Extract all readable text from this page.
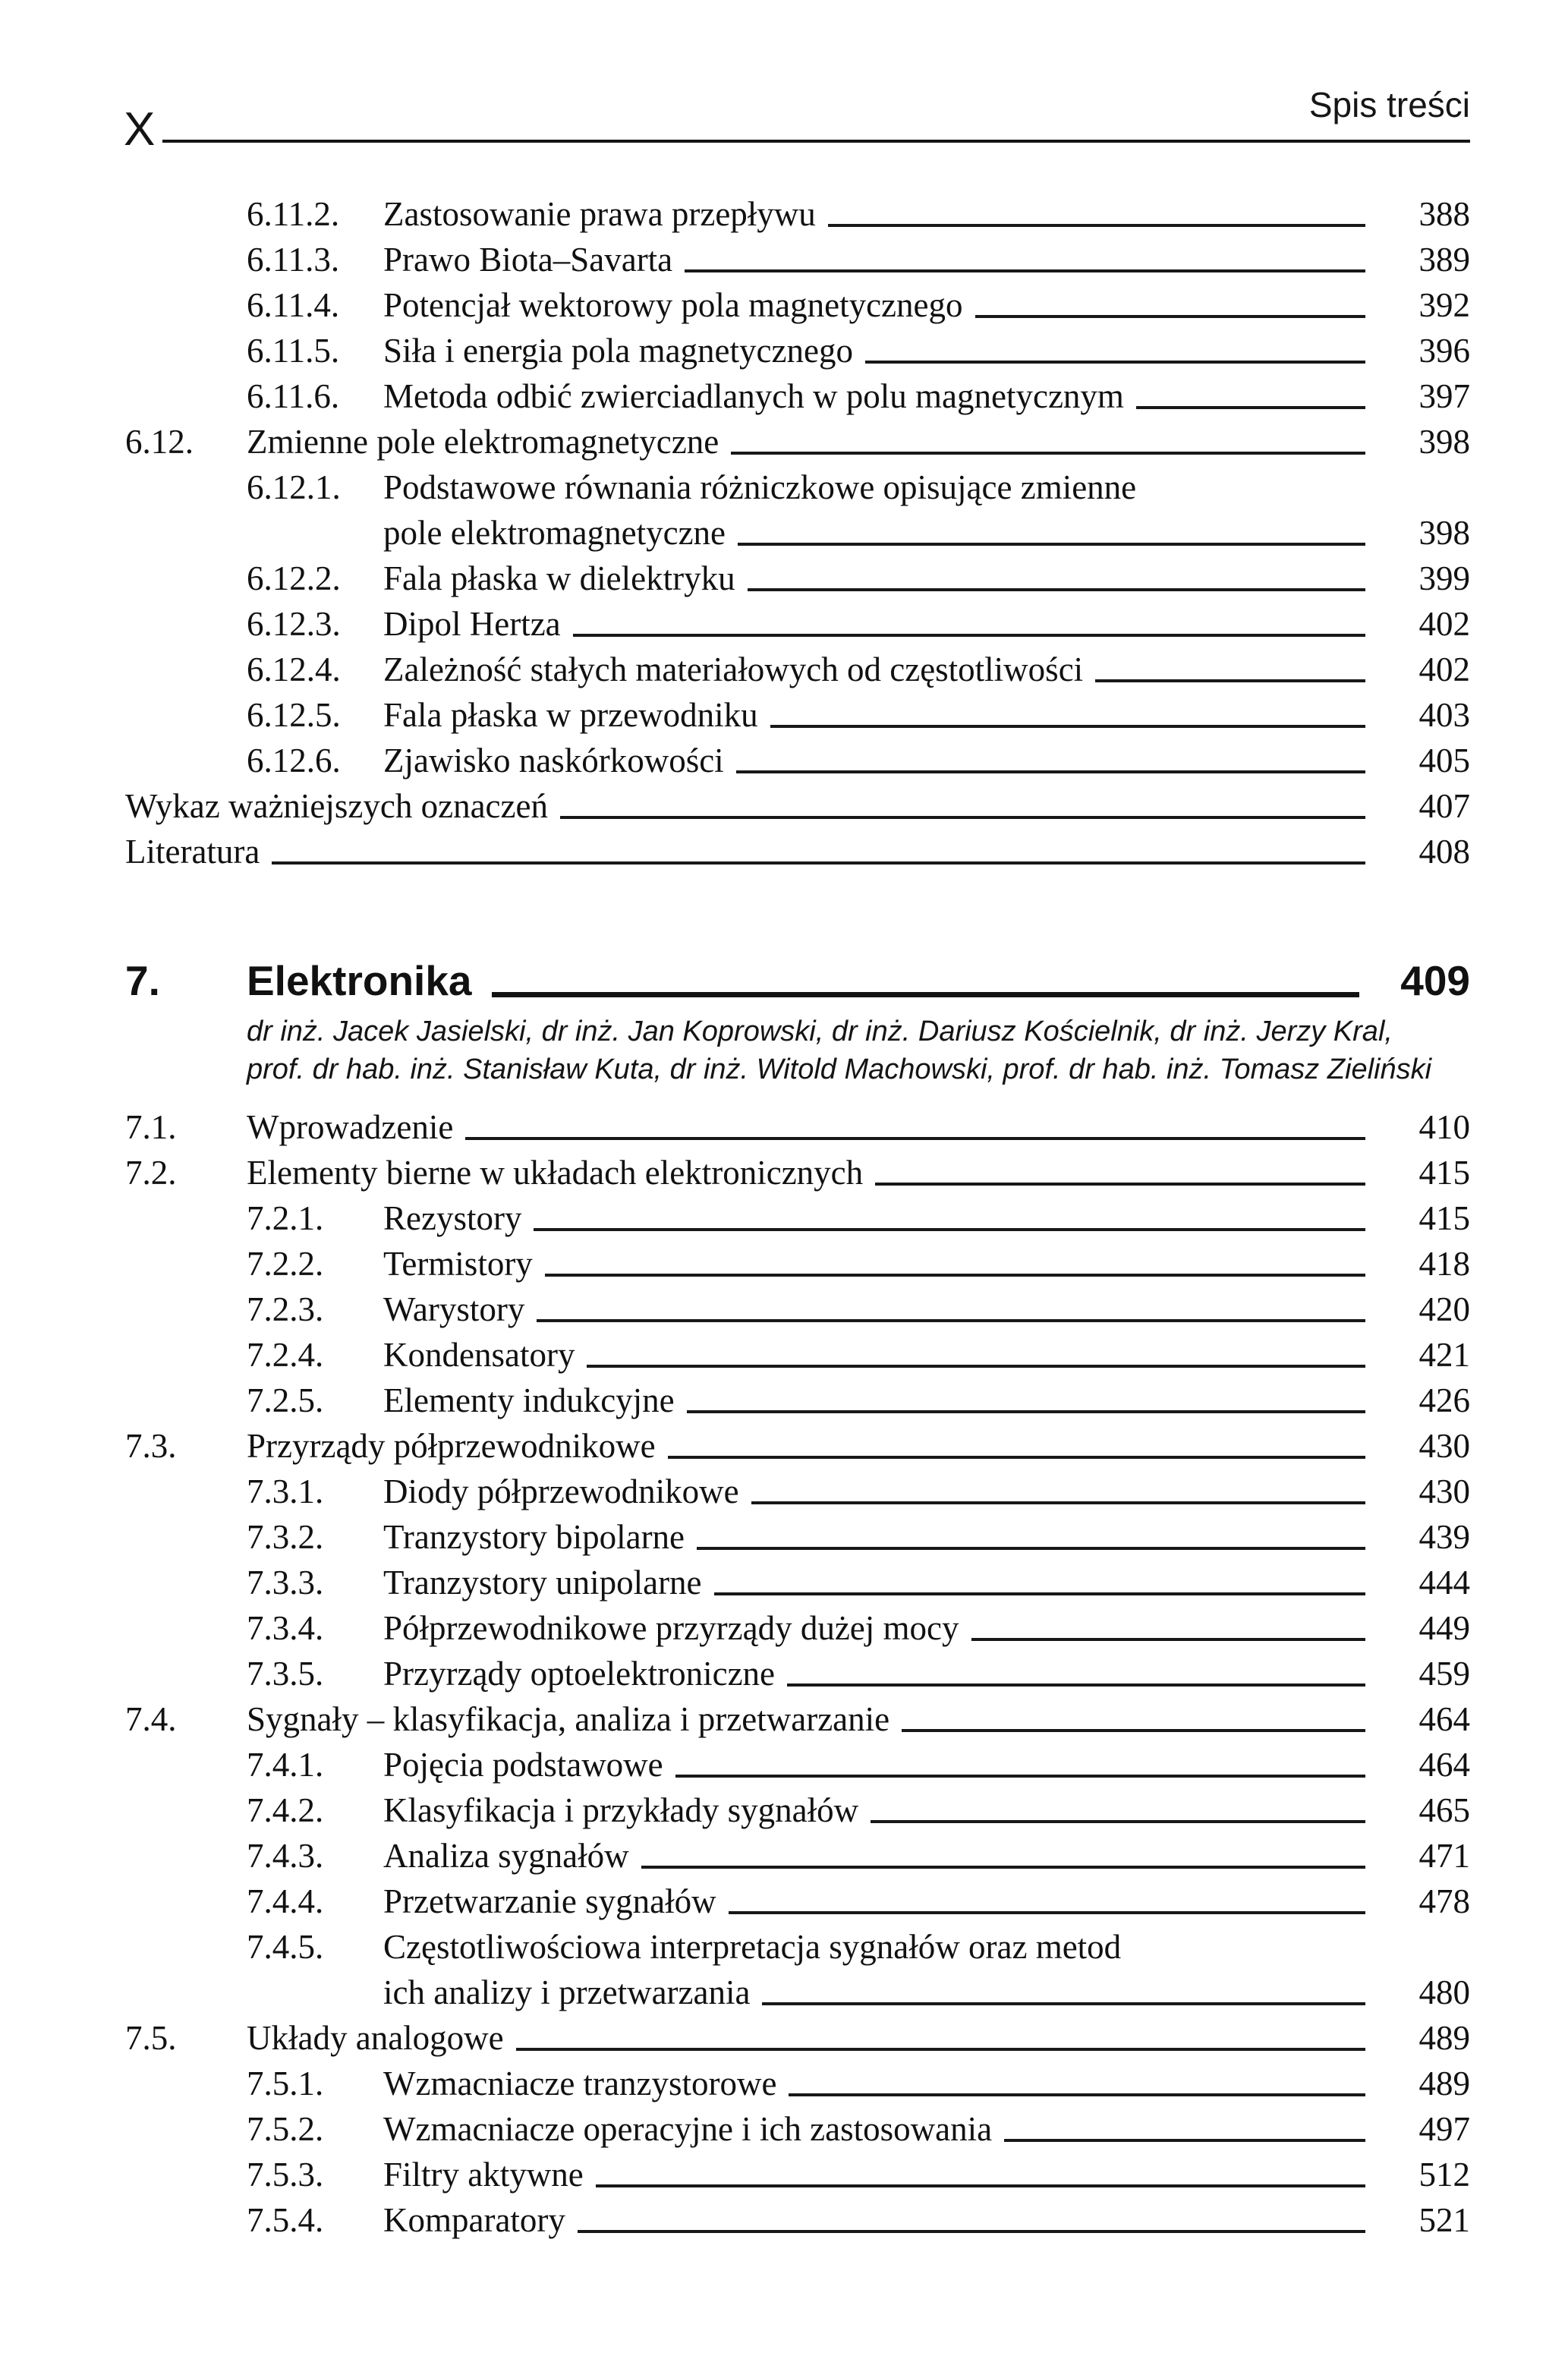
X	Spis treści
6.11.2.	Zastosowanie prawa przepływu	388
6.11.3.	Prawo Biota–Savarta	389
6.11.4.	Potencjał wektorowy pola magnetycznego	392
6.11.5.	Siła i energia pola magnetycznego	396
6.11.6.	Metoda odbić zwierciadlanych w polu magnetycznym	397
6.12.	Zmienne pole elektromagnetyczne	398
6.12.1.	Podstawowe równania różniczkowe opisujące zmienne
pole elektromagnetyczne	398
6.12.2.	Fala płaska w dielektryku	399
6.12.3.	Dipol Hertza	402
6.12.4.	Zależność stałych materiałowych od częstotliwości	402
6.12.5.	Fala płaska w przewodniku	403
6.12.6.	Zjawisko naskórkowości	405
Wykaz ważniejszych oznaczeń	407
Literatura	408
7.	Elektronika	409
dr inż. Jacek Jasielski, dr inż. Jan Koprowski, dr inż. Dariusz Kościelnik, dr inż. Jerzy Kral,
prof. dr hab. inż. Stanisław Kuta, dr inż. Witold Machowski, prof. dr hab. inż. Tomasz Zieliński
7.1.	Wprowadzenie	410
7.2.	Elementy bierne w układach elektronicznych	415
7.2.1.	Rezystory	415
7.2.2.	Termistory	418
7.2.3.	Warystory	420
7.2.4.	Kondensatory	421
7.2.5.	Elementy indukcyjne	426
7.3.	Przyrządy półprzewodnikowe	430
7.3.1.	Diody półprzewodnikowe	430
7.3.2.	Tranzystory bipolarne	439
7.3.3.	Tranzystory unipolarne	444
7.3.4.	Półprzewodnikowe przyrządy dużej mocy	449
7.3.5.	Przyrządy optoelektroniczne	459
7.4.	Sygnały – klasyfikacja, analiza i przetwarzanie	464
7.4.1.	Pojęcia podstawowe	464
7.4.2.	Klasyfikacja i przykłady sygnałów	465
7.4.3.	Analiza sygnałów	471
7.4.4.	Przetwarzanie sygnałów	478
7.4.5.	Częstotliwościowa interpretacja sygnałów oraz metod
ich analizy i przetwarzania	480
7.5.	Układy analogowe	489
7.5.1.	Wzmacniacze tranzystorowe	489
7.5.2.	Wzmacniacze operacyjne i ich zastosowania	497
7.5.3.	Filtry aktywne	512
7.5.4.	Komparatory	521
